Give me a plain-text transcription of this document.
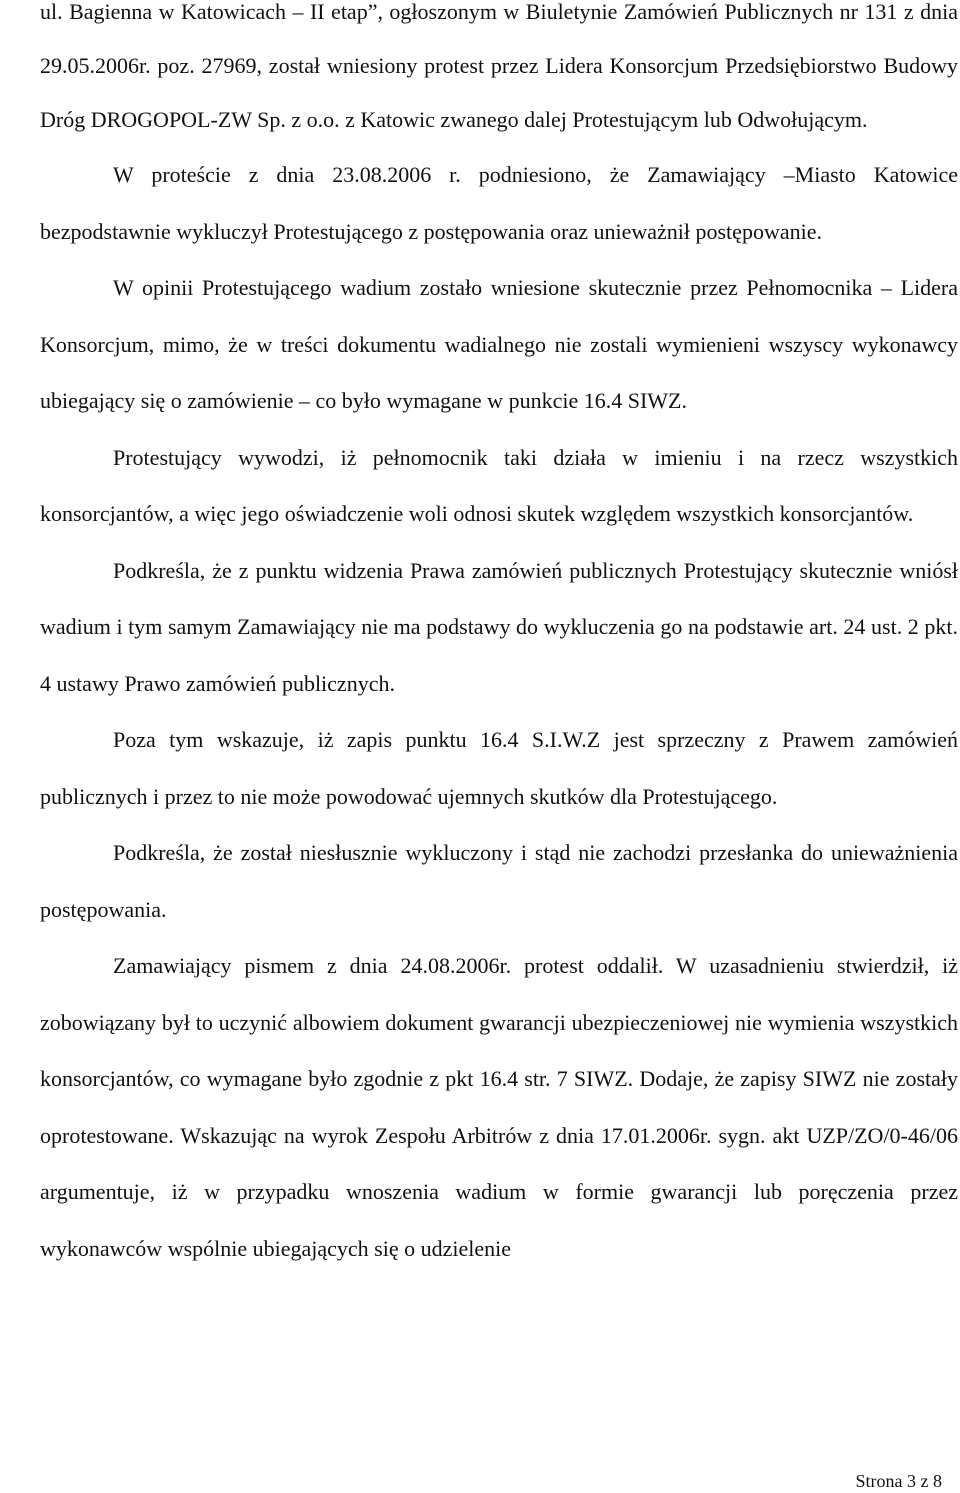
ul. Bagienna w Katowicach – II etap”, ogłoszonym w Biuletynie Zamówień Publicznych nr 131 z dnia 29.05.2006r. poz. 27969, został wniesiony protest przez Lidera Konsorcjum Przedsiębiorstwo Budowy Dróg DROGOPOL-ZW Sp. z o.o. z Katowic zwanego dalej Protestującym lub Odwołującym.

W proteście z dnia 23.08.2006 r. podniesiono, że Zamawiający –Miasto Katowice bezpodstawnie wykluczył Protestującego z postępowania oraz unieważnił postępowanie.

W opinii Protestującego wadium zostało wniesione skutecznie przez Pełnomocnika – Lidera Konsorcjum, mimo, że w treści dokumentu wadialnego nie zostali wymienieni wszyscy wykonawcy ubiegający się o zamówienie – co było wymagane w punkcie 16.4 SIWZ.

Protestujący wywodzi, iż pełnomocnik taki działa w imieniu i na rzecz wszystkich konsorcjantów, a więc jego oświadczenie woli odnosi skutek względem wszystkich konsorcjantów.

Podkreśla, że z punktu widzenia Prawa zamówień publicznych Protestujący skutecznie wniósł wadium i tym samym Zamawiający nie ma podstawy do wykluczenia go na podstawie art. 24 ust. 2 pkt. 4 ustawy Prawo zamówień publicznych.

Poza tym wskazuje, iż zapis punktu 16.4 S.I.W.Z jest sprzeczny z Prawem zamówień publicznych i przez to nie może powodować ujemnych skutków dla Protestującego.

Podkreśla, że został niesłusznie wykluczony i stąd nie zachodzi przesłanka do unieważnienia postępowania.

Zamawiający pismem z dnia 24.08.2006r. protest oddalił. W uzasadnieniu stwierdził, iż zobowiązany był to uczynić albowiem dokument gwarancji ubezpieczeniowej nie wymienia wszystkich konsorcjantów, co wymagane było zgodnie z pkt 16.4 str. 7 SIWZ. Dodaje, że zapisy SIWZ nie zostały oprotestowane. Wskazując na wyrok Zespołu Arbitrów z dnia 17.01.2006r. sygn. akt UZP/ZO/0-46/06 argumentuje, iż w przypadku wnoszenia wadium w formie gwarancji lub poręczenia przez wykonawców wspólnie ubiegających się o udzielenie

Strona 3 z 8
